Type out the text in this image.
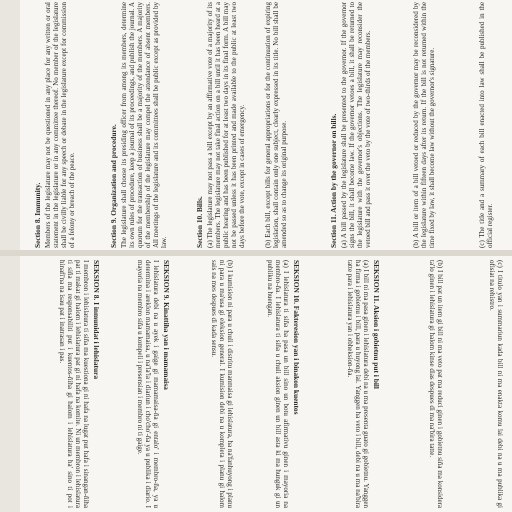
Section 8. Immunity. Members of the legislature may not be questioned in any place for any written or oral statement in the legislature or in any committee thereof. No member of the legislature shall be civilly liable for any speech or debate in the legislature except for commission of a felony or breach of the peace.	Section 9. Organization and procedure. The legislature shall choose its presiding officer from among its members, determine its own rules of procedure, keep a journal of its proceedings, and publish the journal. A quorum for the transaction of business shall be a majority of the members. A majority of the membership of the legislature may compel the attendance of absent members. All meetings of the legislature and its committees shall be public except as provided by law.	Section 10. Bills. (a) The legislature may not pass a bill except by an affirmative vote of a majority of its members. The legislature may not take final action on a bill until it has been heard at a public hearing and has been published for at least two days in its final form. A bill may not be passed unless it has been printed and made available to the public at least two days before the vote, except in cases of emergency.	(b) Each bill, except bills for general appropriations or for the continuation of expiring legislation, shall contain only one subject, clearly expressed in its title. No bill shall be amended so as to change its original purpose.	Section 11. Action by the governor on bills. (a) A bill passed by the legislature shall be presented to the governor. If the governor signs the bill, it shall become law. If the governor vetoes a bill, it shall be returned to the legislature with the governor's objections. The legislature may reconsider the vetoed bill and pass it over the veto by the vote of two-thirds of the members.	(b) A bill or item of a bill vetoed or reduced by the governor may be reconsidered by the legislature within fifteen days after its return. If the bill is not returned within the time fixed by law, it shall become law without the governor's signature.	(c) The title and a summary of each bill enacted into law shall be published in the official register.

SEKSION 8. I inmunidat i lehislatura

I membron i lehislatura ti siña ma kuestiona gi ni hafa na lugat put hafa i sinangan-ñiha pat ti makat gi halom i lehislatura pat gi ni hafa na komite. Ni un membron i lehislatura ti siña ma responsabiliti put i kuentos-ñiha gi halom i lehislatura ha' sino ti pot i hinafi'na na isau pat i inatrasan i pas.	SEKSION 9. Kinattiha yan i mamamaisa

I lehislatura debi na u ayek i gaige gi mamamaisa-ña gi entalo' i membro-ña, ya u determina i areklon mamamaisa, u na'la'la i diariun i cho'cho'-ña ya u publika i diario. I mayoria na membro siña u kompeli i presensian i membro ni ti gaige.	(b) I kumision ni para u chuli i distritu manmaisa gi lehislatura, ha na'fanhuyong i planu ni para u ma'usa gi eleksion general. I kumision debi na u kompleta i planu gi halom sais na mes despues di kada sensu.	SEKSION 10. Fakteresion yan i binakon kuentos

(a) I lehislatura ti siña ha pasa un bill sino un botu afirmativu ginen i mayoria na membro-ña. I lehislatura ti siña u chuli aksion ginen un bill asta ki ma hunguk gi un publiku na huengan.	SEKSION 11. Aksion i gobietnu put i bill

(a) I bill ni ma pasa ginen i lehislatura debi na u ma presenta guato gi gobietnu. Yanggen ha firma i gobietnu i bill, para u huyong lai. Yanggen ha veto i bill, debi na u ma na'bira tatte para i lehislatura yan i obheksion-ña.	(b) I bill pat un item gi bill ni ma veto pat ma reduci ginen i gobietnu siña ma konsidera ta'lo ginen i lehislatura gi halom kinse dias despues di ma na'bira tatte.	(c) I titulo yan i summariun kada bill ni ma enakta komu lai debi na u ma publika gi ofisiat na rehistro.
